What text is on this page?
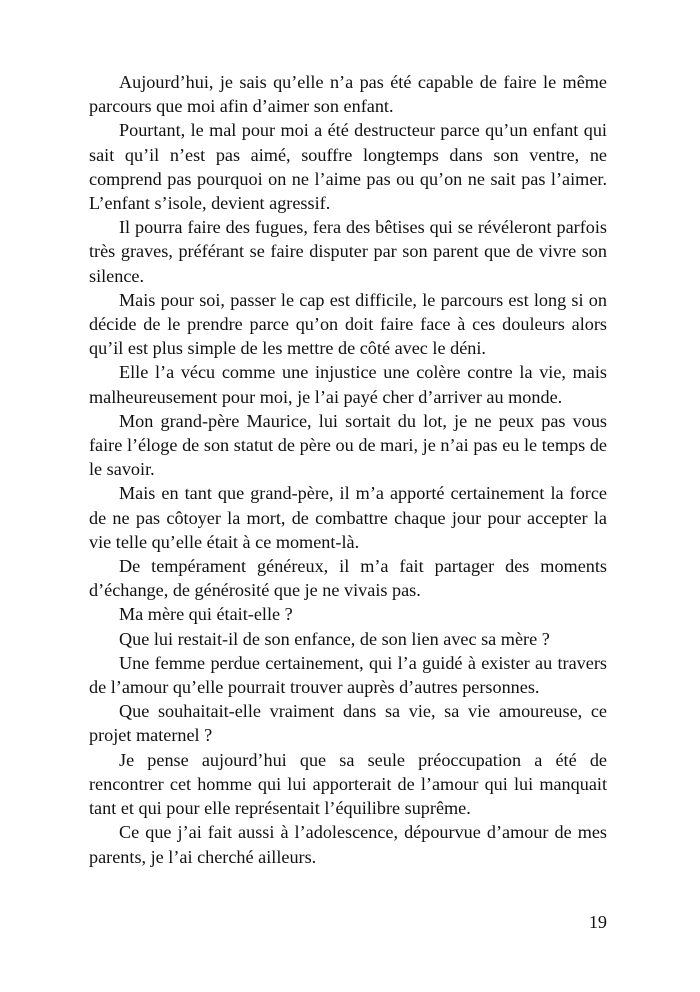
Aujourd’hui, je sais qu’elle n’a pas été capable de faire le même parcours que moi afin d’aimer son enfant.

Pourtant, le mal pour moi a été destructeur parce qu’un enfant qui sait qu’il n’est pas aimé, souffre longtemps dans son ventre, ne comprend pas pourquoi on ne l’aime pas ou qu’on ne sait pas l’aimer. L’enfant s’isole, devient agressif.

Il pourra faire des fugues, fera des bêtises qui se révéleront parfois très graves, préférant se faire disputer par son parent que de vivre son silence.

Mais pour soi, passer le cap est difficile, le parcours est long si on décide de le prendre parce qu’on doit faire face à ces douleurs alors qu’il est plus simple de les mettre de côté avec le déni.

Elle l’a vécu comme une injustice une colère contre la vie, mais malheureusement pour moi, je l’ai payé cher d’arriver au monde.

Mon grand-père Maurice, lui sortait du lot, je ne peux pas vous faire l’éloge de son statut de père ou de mari, je n’ai pas eu le temps de le savoir.

Mais en tant que grand-père, il m’a apporté certainement la force de ne pas côtoyer la mort, de combattre chaque jour pour accepter la vie telle qu’elle était à ce moment-là.

De tempérament généreux, il m’a fait partager des moments d’échange, de générosité que je ne vivais pas.

Ma mère qui était-elle ?

Que lui restait-il de son enfance, de son lien avec sa mère ?

Une femme perdue certainement, qui l’a guidé à exister au travers de l’amour qu’elle pourrait trouver auprès d’autres personnes.

Que souhaitait-elle vraiment dans sa vie, sa vie amoureuse, ce projet maternel ?

Je pense aujourd’hui que sa seule préoccupation a été de rencontrer cet homme qui lui apporterait de l’amour qui lui manquait tant et qui pour elle représentait l’équilibre suprême.

Ce que j’ai fait aussi à l’adolescence, dépourvue d’amour de mes parents, je l’ai cherché ailleurs.

19
